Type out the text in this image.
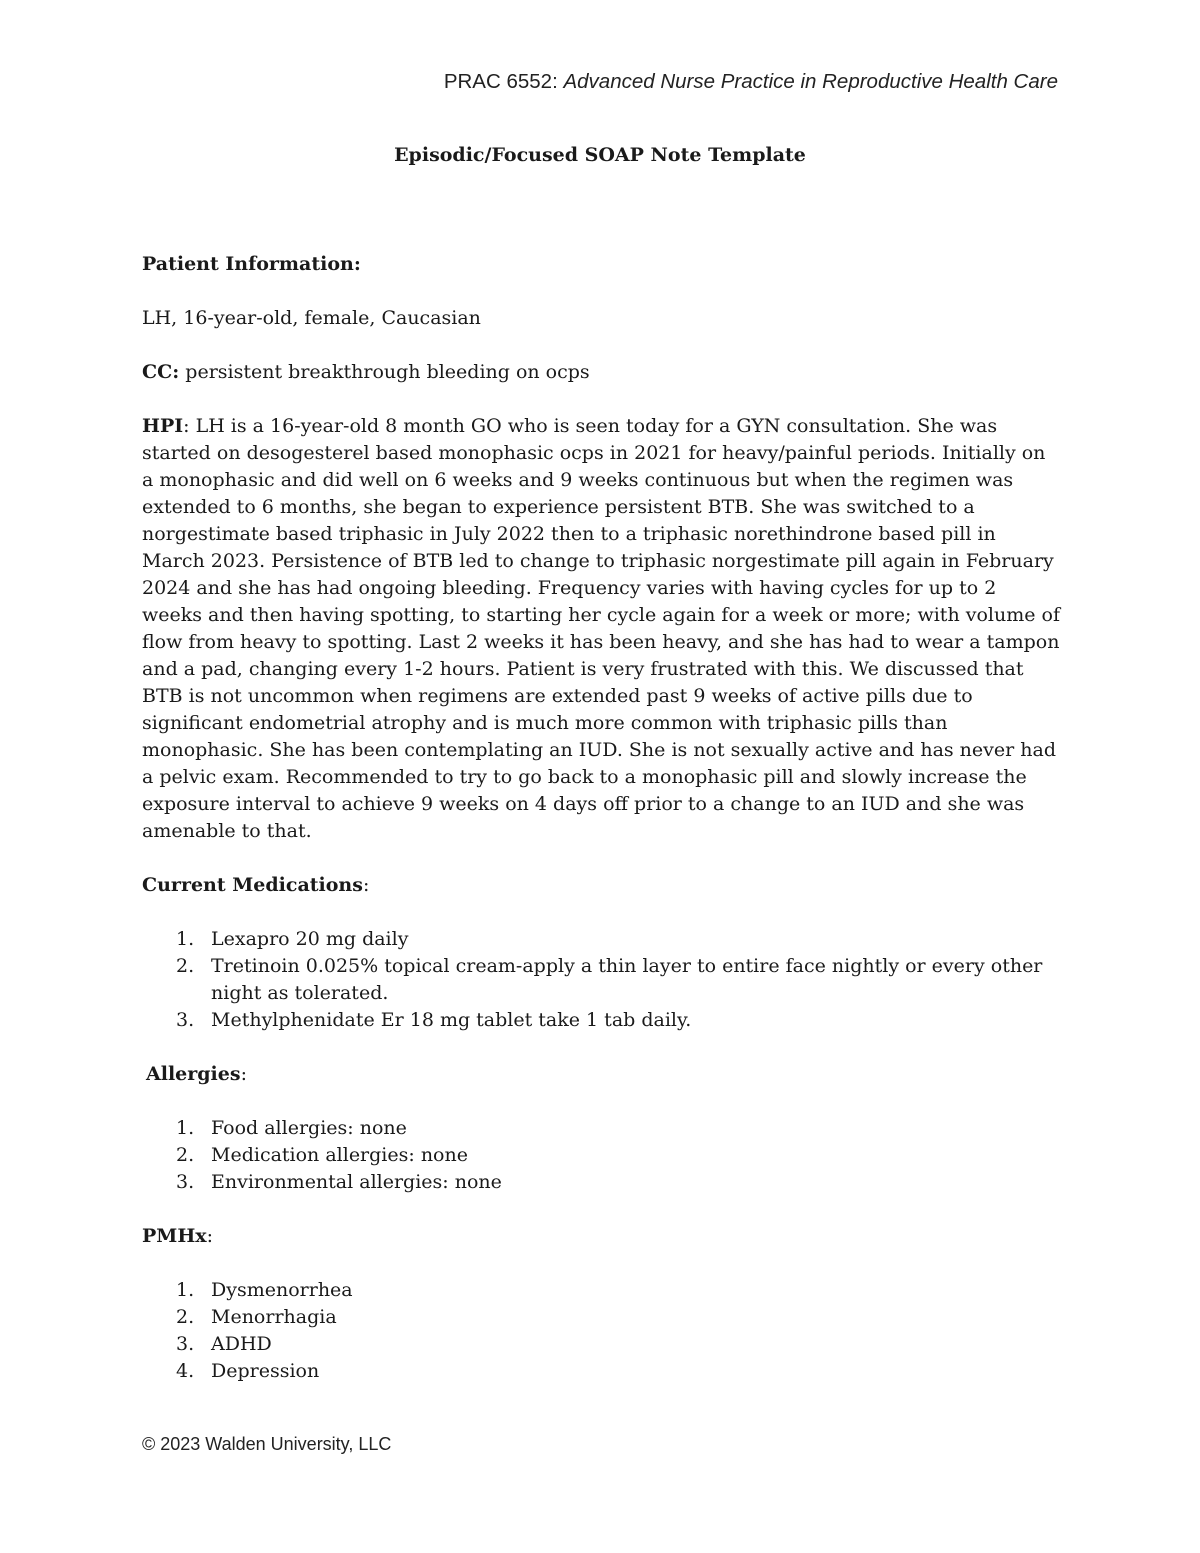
PRAC 6552: Advanced Nurse Practice in Reproductive Health Care
Episodic/Focused SOAP Note Template

Patient Information:

LH, 16-year-old, female, Caucasian

CC: persistent breakthrough bleeding on ocps

HPI: LH is a 16-year-old 8 month GO who is seen today for a GYN consultation. She was started on desogesterel based monophasic ocps in 2021 for heavy/painful periods. Initially on a monophasic and did well on 6 weeks and 9 weeks continuous but when the regimen was extended to 6 months, she began to experience persistent BTB. She was switched to a norgestimate based triphasic in July 2022 then to a triphasic norethindrone based pill in March 2023. Persistence of BTB led to change to triphasic norgestimate pill again in February 2024 and she has had ongoing bleeding. Frequency varies with having cycles for up to 2 weeks and then having spotting, to starting her cycle again for a week or more; with volume of flow from heavy to spotting. Last 2 weeks it has been heavy, and she has had to wear a tampon and a pad, changing every 1-2 hours. Patient is very frustrated with this. We discussed that BTB is not uncommon when regimens are extended past 9 weeks of active pills due to significant endometrial atrophy and is much more common with triphasic pills than monophasic. She has been contemplating an IUD. She is not sexually active and has never had a pelvic exam. Recommended to try to go back to a monophasic pill and slowly increase the exposure interval to achieve 9 weeks on 4 days off prior to a change to an IUD and she was amenable to that.

Current Medications:

1. Lexapro 20 mg daily
2. Tretinoin 0.025% topical cream-apply a thin layer to entire face nightly or every other night as tolerated.
3. Methylphenidate Er 18 mg tablet take 1 tab daily.

Allergies:

1. Food allergies: none
2. Medication allergies: none
3. Environmental allergies: none

PMHx:

1. Dysmenorrhea
2. Menorrhagia
3. ADHD
4. Depression
© 2023 Walden University, LLC
